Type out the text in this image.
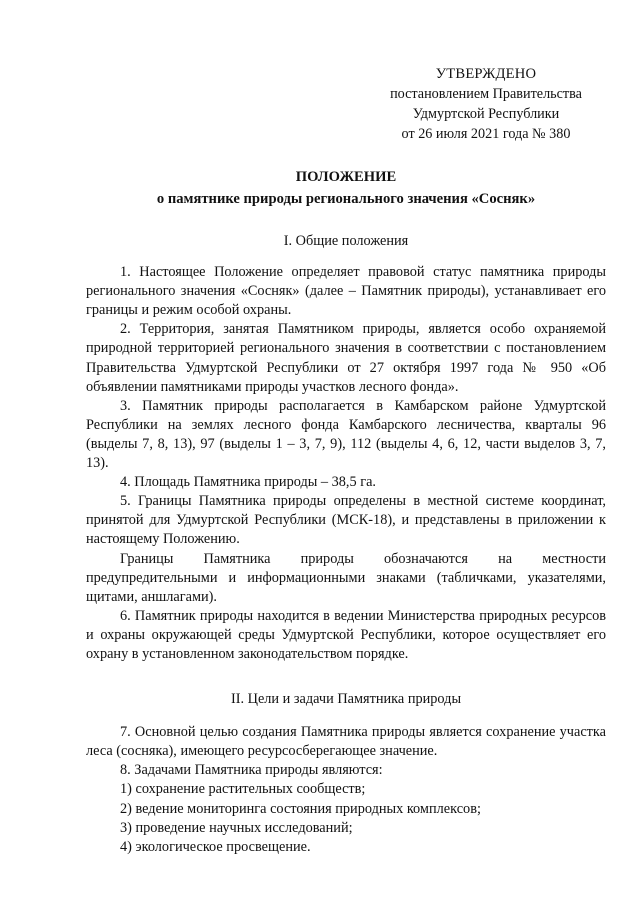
УТВЕРЖДЕНО
постановлением Правительства
Удмуртской Республики
от 26 июля 2021 года № 380
ПОЛОЖЕНИЕ
о памятнике природы регионального значения «Сосняк»
I. Общие положения

1. Настоящее Положение определяет правовой статус памятника природы регионального значения «Сосняк» (далее – Памятник природы), устанавливает его границы и режим особой охраны.

2. Территория, занятая Памятником природы, является особо охраняемой природной территорией регионального значения в соответствии с постановлением Правительства Удмуртской Республики от 27 октября 1997 года № 950 «Об объявлении памятниками природы участков лесного фонда».

3. Памятник природы располагается в Камбарском районе Удмуртской Республики на землях лесного фонда Камбарского лесничества, кварталы 96 (выделы 7, 8, 13), 97 (выделы 1 – 3, 7, 9), 112 (выделы 4, 6, 12, части выделов 3, 7, 13).

4. Площадь Памятника природы – 38,5 га.

5. Границы Памятника природы определены в местной системе координат, принятой для Удмуртской Республики (МСК-18), и представлены в приложении к настоящему Положению.

Границы Памятника природы обозначаются на местности предупредительными и информационными знаками (табличками, указателями, щитами, аншлагами).

6. Памятник природы находится в ведении Министерства природных ресурсов и охраны окружающей среды Удмуртской Республики, которое осуществляет его охрану в установленном законодательством порядке.

II. Цели и задачи Памятника природы

7. Основной целью создания Памятника природы является сохранение участка леса (сосняка), имеющего ресурсосберегающее значение.

8. Задачами Памятника природы являются:

1) сохранение растительных сообществ;

2) ведение мониторинга состояния природных комплексов;

3) проведение научных исследований;

4) экологическое просвещение.
